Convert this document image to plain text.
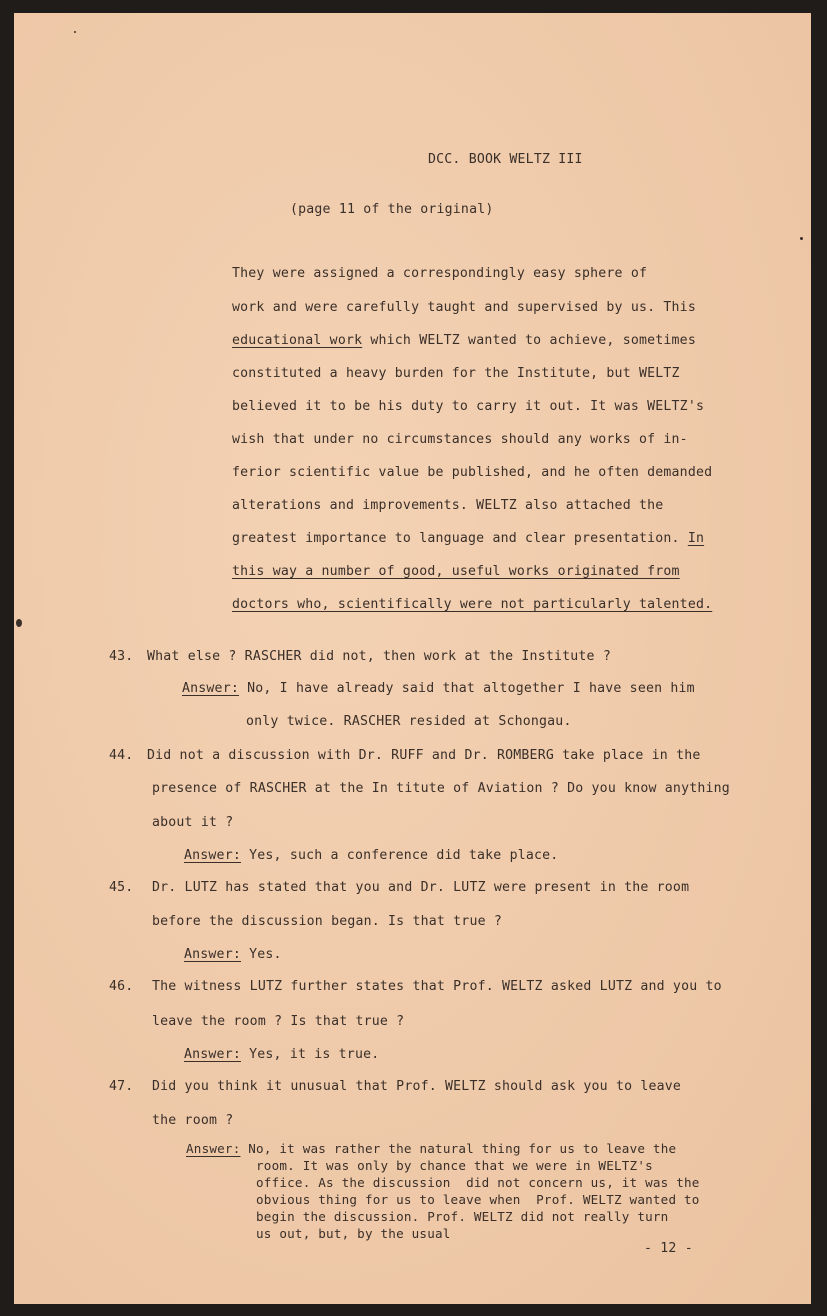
DCC. BOOK WELTZ III
(page 11 of the original)
They were assigned a correspondingly easy sphere of
work and were carefully taught and supervised by us. This
educational work which WELTZ wanted to achieve, sometimes
constituted a heavy burden for the Institute, but WELTZ
believed it to be his duty to carry it out. It was WELTZ's
wish that under no circumstances should any works of in-
ferior scientific value be published, and he often demanded
alterations and improvements. WELTZ also attached the
greatest importance to language and clear presentation. In
this way a number of good, useful works originated from
doctors who, scientifically were not particularly talented.
43. What else ? RASCHER did not, then work at the Institute ?
Answer: No, I have already said that altogether I have seen him
only twice. RASCHER resided at Schongau.
44. Did not a discussion with Dr. RUFF and Dr. ROMBERG take place in the
presence of RASCHER at the In titute of Aviation ? Do you know anything
about it ?
Answer: Yes, such a conference did take place.
45. Dr. LUTZ has stated that you and Dr. LUTZ were present in the room
before the discussion began. Is that true ?
Answer: Yes.
46. The witness LUTZ further states that Prof. WELTZ asked LUTZ and you to
leave the room ? Is that true ?
Answer: Yes, it is true.
47. Did you think it unusual that Prof. WELTZ should ask you to leave
the room ?
Answer: No, it was rather the natural thing for us to leave the
room. It was only by chance that we were in WELTZ's
office. As the discussion  did not concern us, it was the
obvious thing for us to leave when  Prof. WELTZ wanted to
begin the discussion. Prof. WELTZ did not really turn
us out, but, by the usual
- 12 -
